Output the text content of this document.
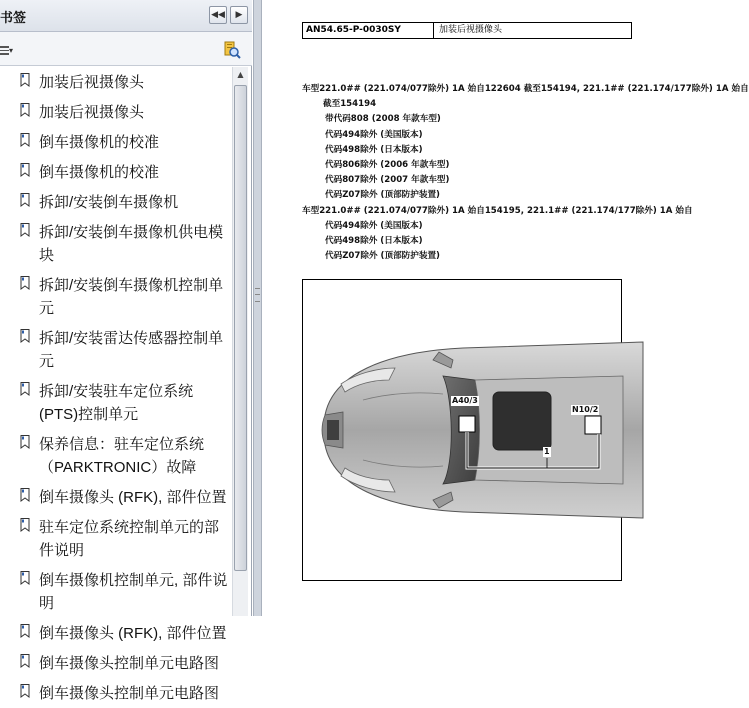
书签	◀◀	▶
▾
加装后视摄像头
加装后视摄像头
倒车摄像机的校准
倒车摄像机的校准
拆卸/安装倒车摄像机
拆卸/安装倒车摄像机供电模块
拆卸/安装倒车摄像机控制单元
拆卸/安装雷达传感器控制单元
拆卸/安装驻车定位系统(PTS)控制单元
保养信息：驻车定位系统（PARKTRONIC）故障
倒车摄像头 (RFK), 部件位置
驻车定位系统控制单元的部件说明
倒车摄像机控制单元, 部件说明
倒车摄像头 (RFK), 部件位置
倒车摄像头控制单元电路图
倒车摄像头控制单元电路图
▲
AN54.65-P-0030SY	加装后视摄像头
车型221.0## (221.074/077除外) 1A 始自122604 截至154194, 221.1## (221.174/177除外) 1A 始自
截至154194
带代码808 (2008 年款车型)
代码494除外 (美国版本)
代码498除外 (日本版本)
代码806除外 (2006 年款车型)
代码807除外 (2007 年款车型)
代码Z07除外 (顶部防护装置)
车型221.0## (221.074/077除外) 1A 始自154195, 221.1## (221.174/177除外) 1A 始自
代码494除外 (美国版本)
代码498除外 (日本版本)
代码Z07除外 (顶部防护装置)
A40/3
N10/2
1
